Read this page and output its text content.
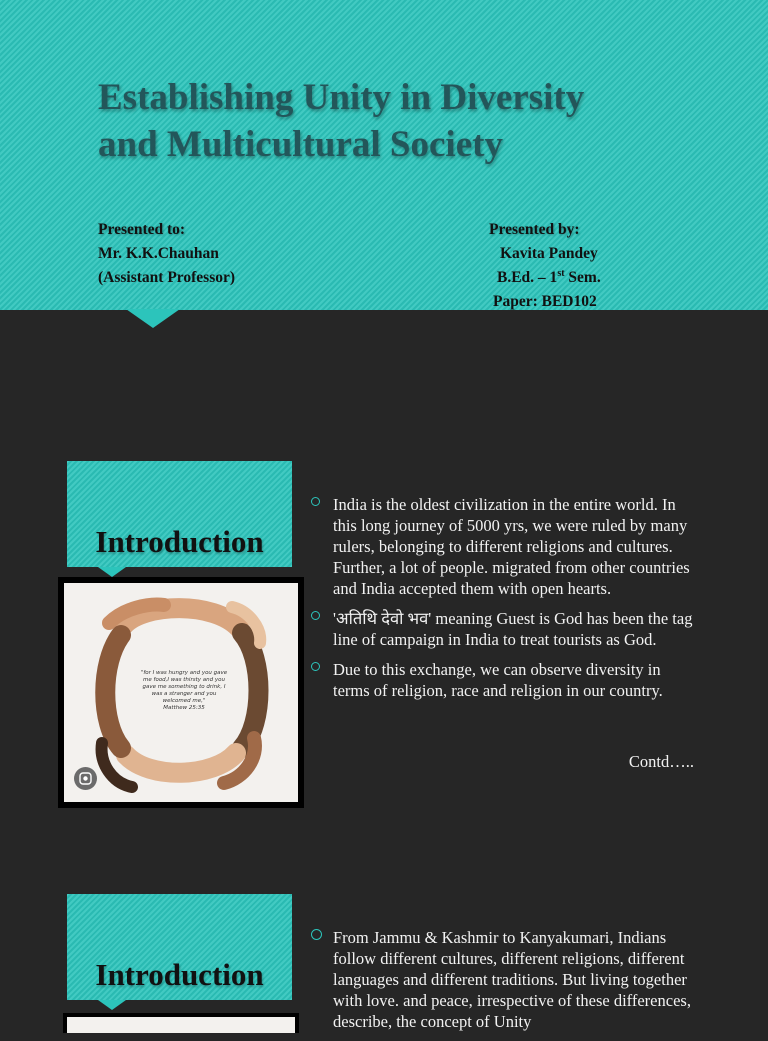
Establishing Unity in Diversity
and Multicultural Society
Presented to:
Mr. K.K.Chauhan
(Assistant Professor)
Presented by:
Kavita Pandey
B.Ed. – 1st Sem.
Paper: BED102
Introduction
"for I was hungry and you gave me food,I was thirsty and you gave me something to drink, I was a stranger and you welcomed me,"
Matthew 25:35
India is the oldest civilization in the entire world. In this long journey of 5000 yrs, we were ruled by many rulers, belonging to different religions and cultures. Further, a lot of people. migrated from other countries and India accepted them with open hearts.
'अतिथि देवो भव' meaning Guest is God has been the tag line of campaign in India to treat tourists as God.
Due to this exchange, we can observe diversity in terms of religion, race and religion in our country.
Contd…..
Introduction
From Jammu & Kashmir to Kanyakumari, Indians follow different cultures, different religions, different languages and different traditions. But living together with love. and peace, irrespective of these differences, describe, the concept of Unity
